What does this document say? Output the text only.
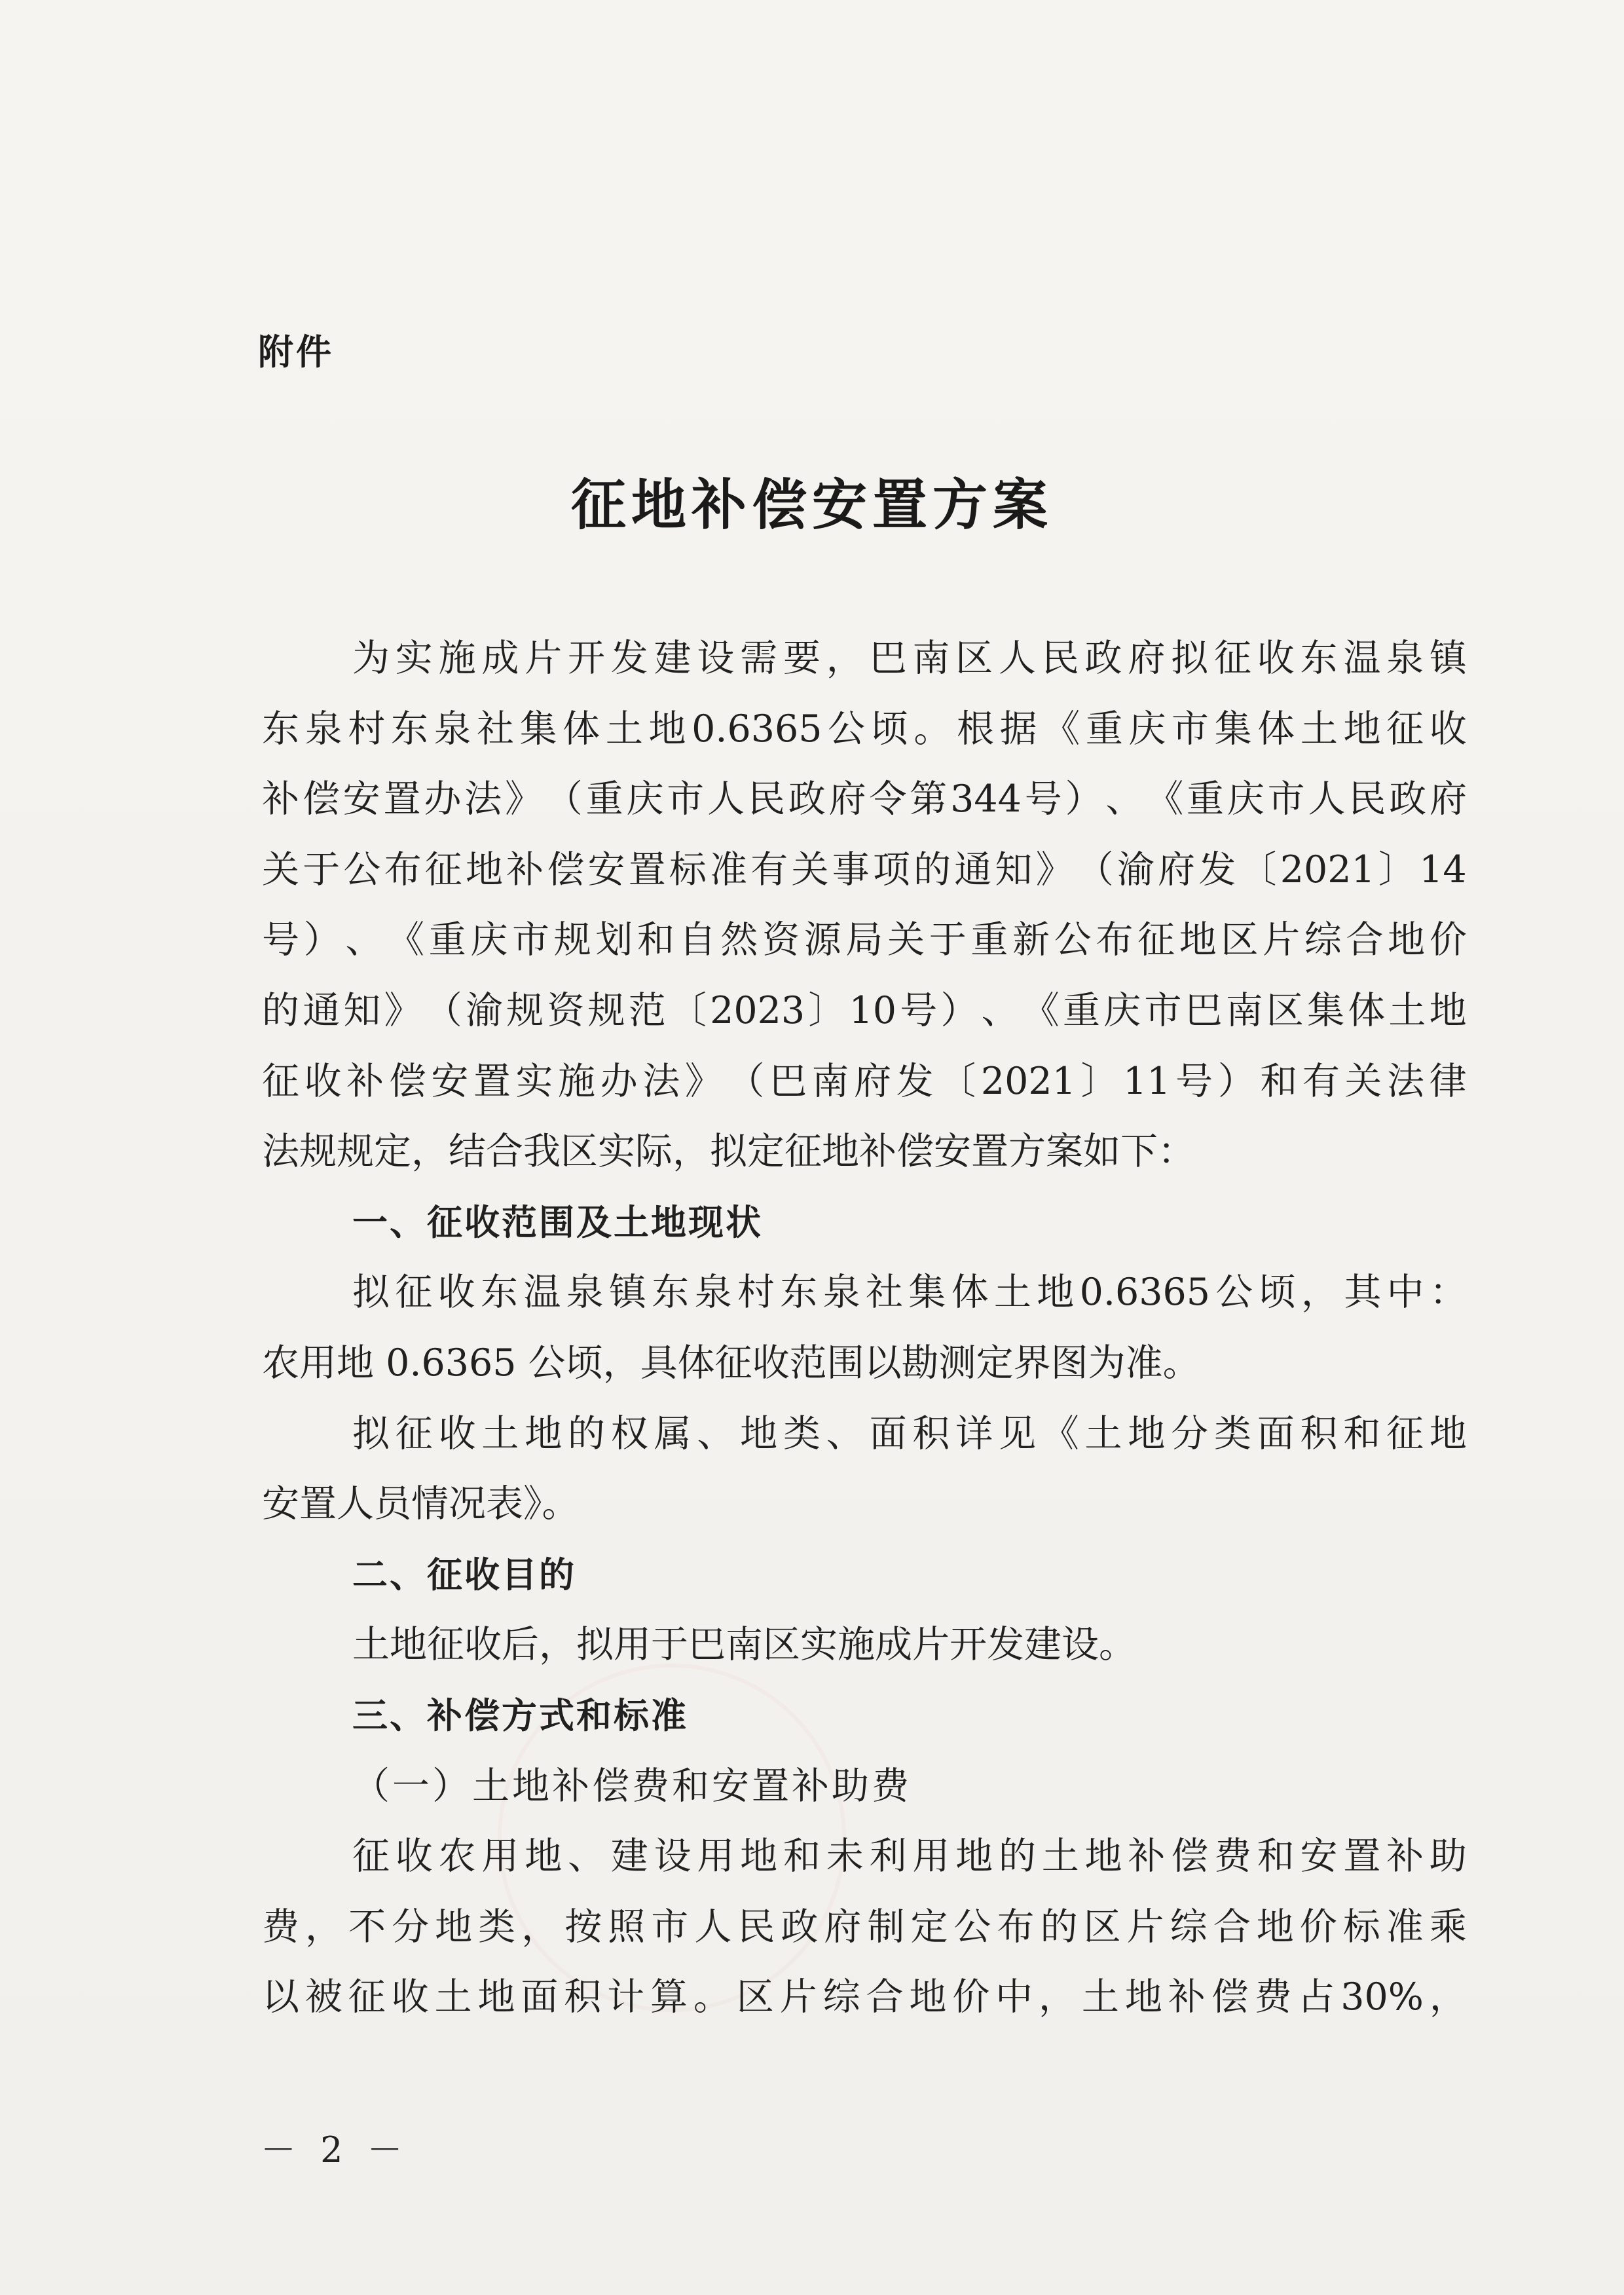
附件
征地补偿安置方案
为 实 施 成 片 开 发 建 设 需 要 ， 巴 南 区 人 民 政 府 拟 征 收 东 温 泉 镇
东 泉 村 东 泉 社 集 体 土 地 0.6365 公 顷 。 根 据 《 重 庆 市 集 体 土 地 征 收
补 偿 安 置 办 法 》 （ 重 庆 市 人 民 政 府 令 第 344 号 ） 、 《 重 庆 市 人 民 政 府
关 于 公 布 征 地 补 偿 安 置 标 准 有 关 事 项 的 通 知 》 （ 渝 府 发 〔 2021 〕 14
号 ） 、 《 重 庆 市 规 划 和 自 然 资 源 局 关 于 重 新 公 布 征 地 区 片 综 合 地 价
的 通 知 》 （ 渝 规 资 规 范 〔 2023 〕 10 号 ） 、 《 重 庆 市 巴 南 区 集 体 土 地
征 收 补 偿 安 置 实 施 办 法 》 （ 巴 南 府 发 〔 2021 〕 11 号 ） 和 有 关 法 律
法规规定，结合我区实际，拟定征地补偿安置方案如下：
一、征收范围及土地现状
拟 征 收 东 温 泉 镇 东 泉 村 东 泉 社 集 体 土 地 0.6365 公 顷 ， 其 中 ：
农用地 0.6365 公顷，具体征收范围以勘测定界图为准。
拟 征 收 土 地 的 权 属 、 地 类 、 面 积 详 见 《 土 地 分 类 面 积 和 征 地
安置人员情况表》。
二、征收目的
土地征收后，拟用于巴南区实施成片开发建设。
三、补偿方式和标准
（一）土地补偿费和安置补助费
征 收 农 用 地 、 建 设 用 地 和 未 利 用 地 的 土 地 补 偿 费 和 安 置 补 助
费 ， 不 分 地 类 ， 按 照 市 人 民 政 府 制 定 公 布 的 区 片 综 合 地 价 标 准 乘
以 被 征 收 土 地 面 积 计 算 。 区 片 综 合 地 价 中 ， 土 地 补 偿 费 占 30% ，
－ 2 －
